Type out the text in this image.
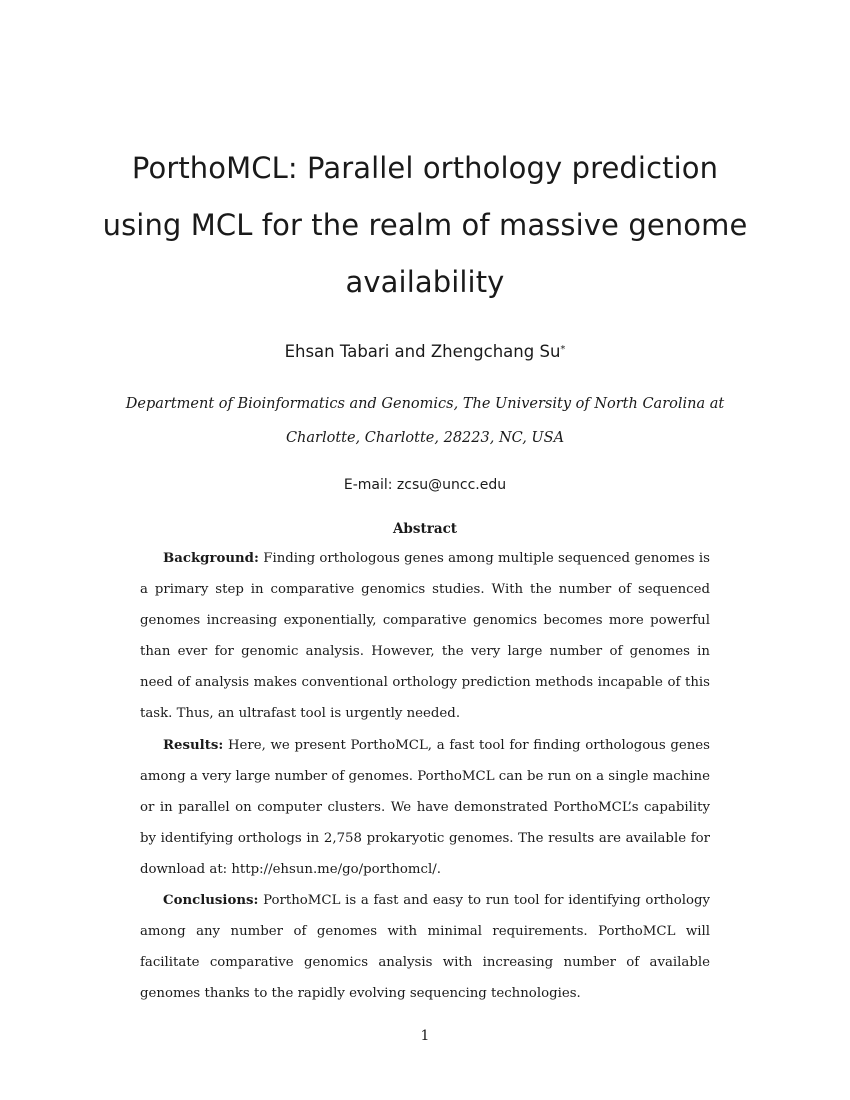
PorthoMCL: Parallel orthology prediction using MCL for the realm of massive genome availability
Ehsan Tabari and Zhengchang Su*
Department of Bioinformatics and Genomics, The University of North Carolina at Charlotte, Charlotte, 28223, NC, USA
E-mail: zcsu@uncc.edu
Abstract

Background: Finding orthologous genes among multiple sequenced genomes is a primary step in comparative genomics studies. With the number of sequenced genomes increasing exponentially, comparative genomics becomes more powerful than ever for genomic analysis. However, the very large number of genomes in need of analysis makes conventional orthology prediction methods incapable of this task. Thus, an ultrafast tool is urgently needed.

Results: Here, we present PorthoMCL, a fast tool for finding orthologous genes among a very large number of genomes. PorthoMCL can be run on a single machine or in parallel on computer clusters. We have demonstrated PorthoMCL’s capability by identifying orthologs in 2,758 prokaryotic genomes. The results are available for download at: http://ehsun.me/go/porthomcl/.

Conclusions: PorthoMCL is a fast and easy to run tool for identifying orthology among any number of genomes with minimal requirements. PorthoMCL will facilitate comparative genomics analysis with increasing number of available genomes thanks to the rapidly evolving sequencing technologies.

1
